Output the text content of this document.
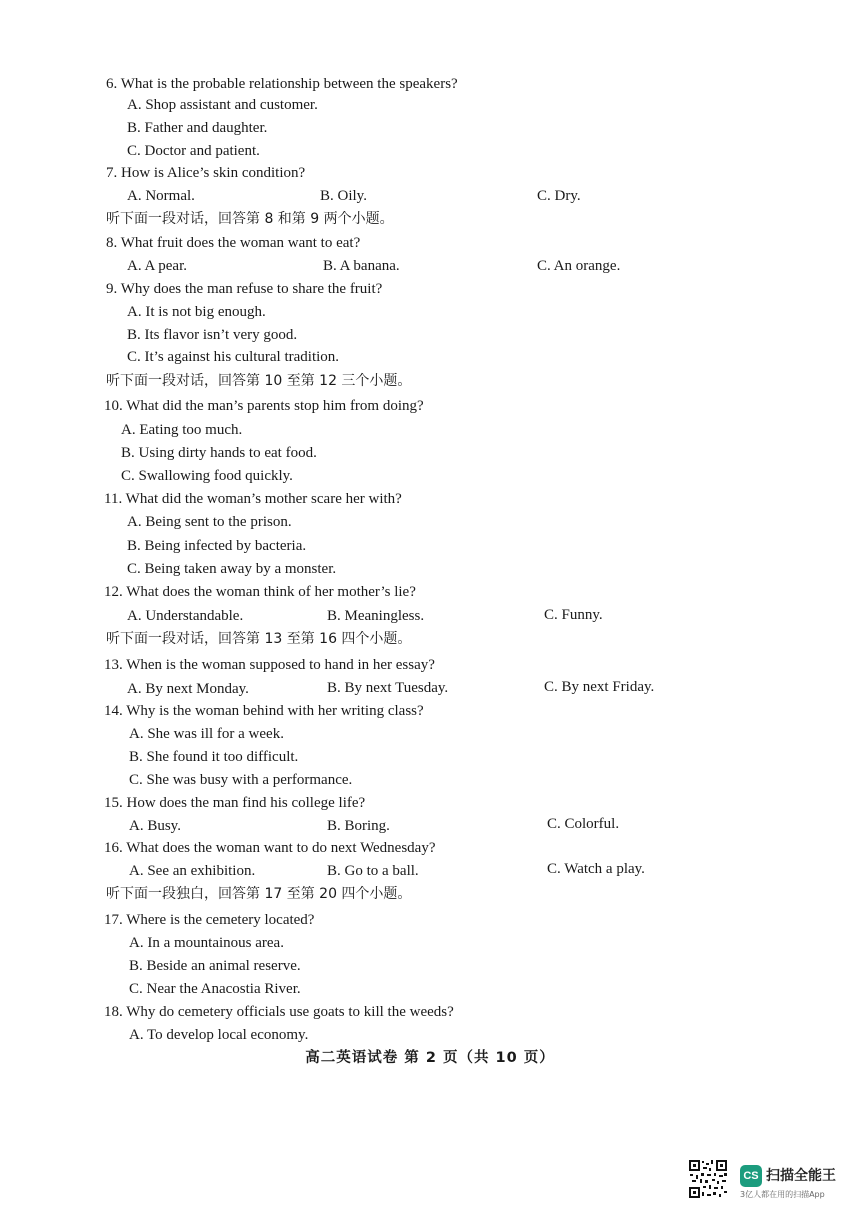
6. What is the probable relationship between the speakers?
A. Shop assistant and customer.
B. Father and daughter.
C. Doctor and patient.
7. How is Alice’s skin condition?
A. Normal.	B. Oily.	C. Dry.
听下面一段对话，回答第 8 和第 9 两个小题。
8. What fruit does the woman want to eat?
A. A pear.	B. A banana.	C. An orange.
9. Why does the man refuse to share the fruit?
A. It is not big enough.
B. Its flavor isn’t very good.
C. It’s against his cultural tradition.
听下面一段对话，回答第 10 至第 12 三个小题。
10. What did the man’s parents stop him from doing?
A. Eating too much.
B. Using dirty hands to eat food.
C. Swallowing food quickly.
11. What did the woman’s mother scare her with?
A. Being sent to the prison.
B. Being infected by bacteria.
C. Being taken away by a monster.
12. What does the woman think of her mother’s lie?
A. Understandable.	B. Meaningless.	C. Funny.
听下面一段对话，回答第 13 至第 16 四个小题。
13. When is the woman supposed to hand in her essay?
A. By next Monday.	B. By next Tuesday.	C. By next Friday.
14. Why is the woman behind with her writing class?
A. She was ill for a week.
B. She found it too difficult.
C. She was busy with a performance.
15. How does the man find his college life?
A. Busy.	B. Boring.	C. Colorful.
16. What does the woman want to do next Wednesday?
A. See an exhibition.	B. Go to a ball.	C. Watch a play.
听下面一段独白，回答第 17 至第 20 四个小题。
17. Where is the cemetery located?
A. In a mountainous area.
B. Beside an animal reserve.
C. Near the Anacostia River.
18. Why do cemetery officials use goats to kill the weeds?
A. To develop local economy.
高二英语试卷 第 2 页（共 10 页）
CS 扫描全能王
3亿人都在用的扫描App
